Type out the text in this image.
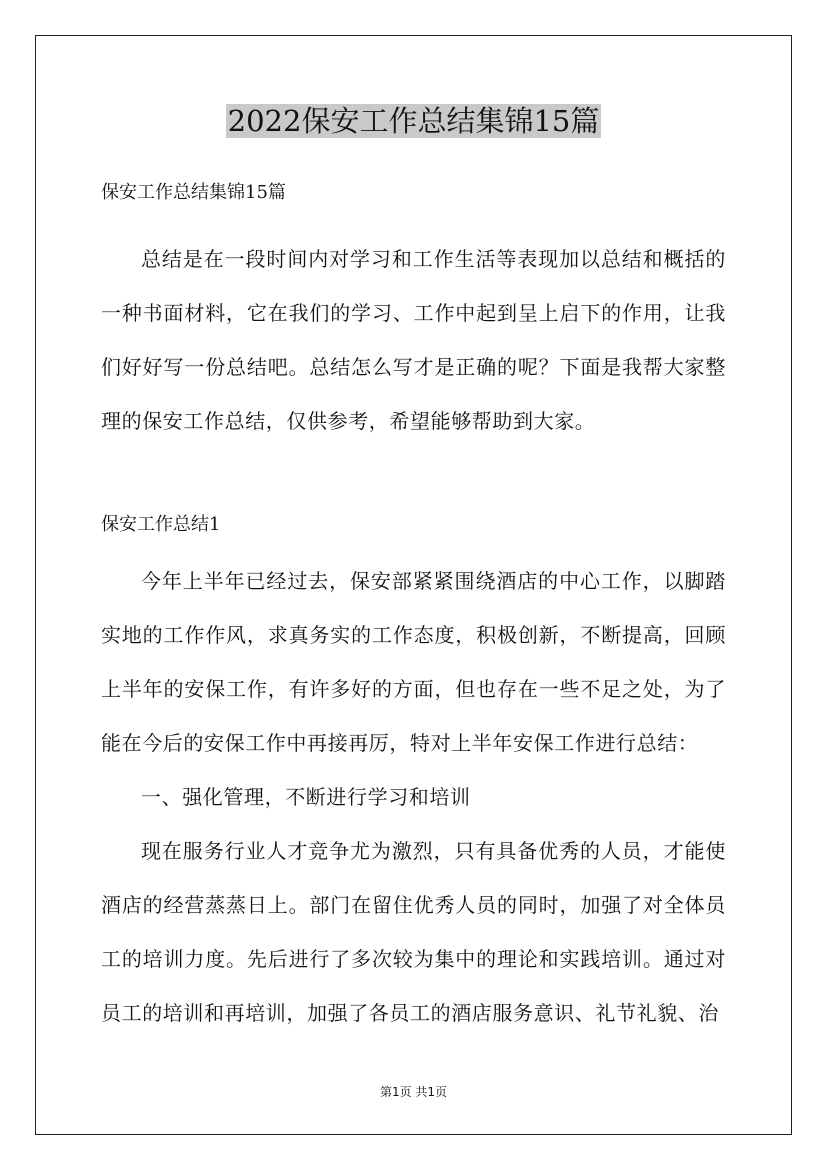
2022保安工作总结集锦15篇

保安工作总结集锦15篇

总结是在一段时间内对学习和工作生活等表现加以总结和概括的一种书面材料，它在我们的学习、工作中起到呈上启下的作用，让我们好好写一份总结吧。总结怎么写才是正确的呢？下面是我帮大家整理的保安工作总结，仅供参考，希望能够帮助到大家。

保安工作总结1

今年上半年已经过去，保安部紧紧围绕酒店的中心工作，以脚踏实地的工作作风，求真务实的工作态度，积极创新，不断提高，回顾上半年的安保工作，有许多好的方面，但也存在一些不足之处，为了能在今后的安保工作中再接再厉，特对上半年安保工作进行总结：

一、强化管理，不断进行学习和培训

现在服务行业人才竞争尤为激烈，只有具备优秀的人员，才能使酒店的经营蒸蒸日上。部门在留住优秀人员的同时，加强了对全体员工的培训力度。先后进行了多次较为集中的理论和实践培训。通过对员工的培训和再培训，加强了各员工的酒店服务意识、礼节礼貌、治

第1页 共1页
